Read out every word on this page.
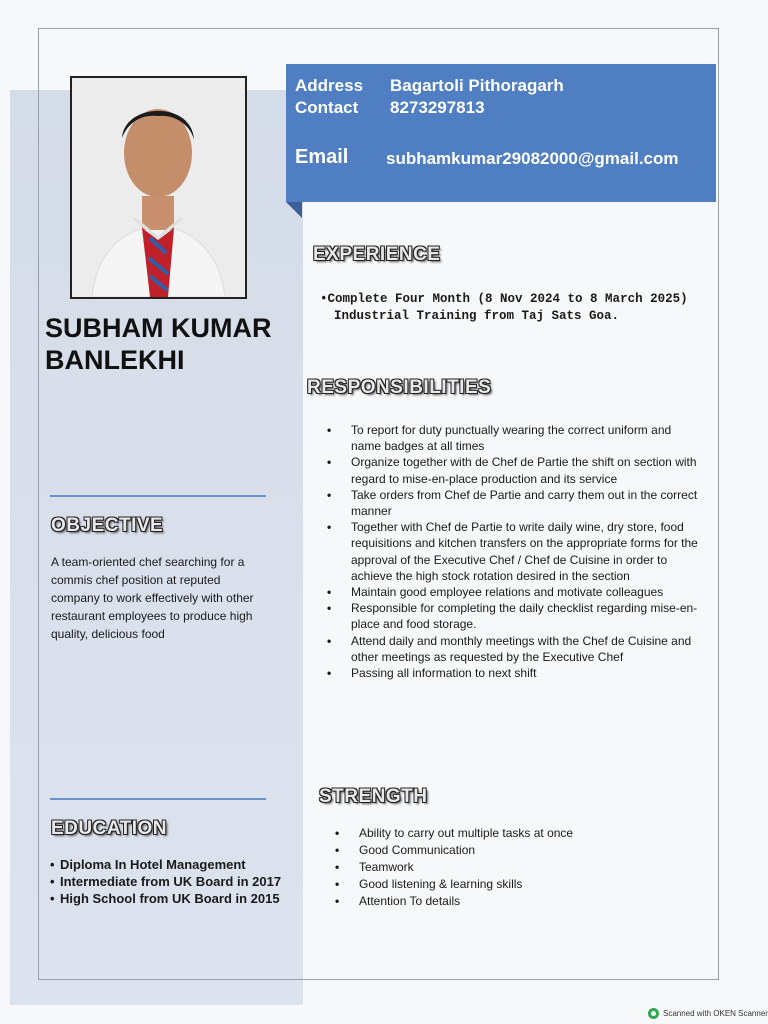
SUBHAM KUMAR
BANLEKHI
Address Bagartoli Pithoragarh
Contact 8273297813
Email subhamkumar29082000@gmail.com
EXPERIENCE
•Complete Four Month (8 Nov 2024 to 8 March 2025)
Industrial Training from Taj Sats Goa.
RESPONSIBILITIES
• To report for duty punctually wearing the correct uniform and name badges at all times
• Organize together with de Chef de Partie the shift on section with regard to mise-en-place production and its service
• Take orders from Chef de Partie and carry them out in the correct manner
• Together with Chef de Partie to write daily wine, dry store, food requisitions and kitchen transfers on the appropriate forms for the approval of the Executive Chef / Chef de Cuisine in order to achieve the high stock rotation desired in the section
• Maintain good employee relations and motivate colleagues
• Responsible for completing the daily checklist regarding mise-en-place and food storage.
• Attend daily and monthly meetings with the Chef de Cuisine and other meetings as requested by the Executive Chef
• Passing all information to next shift
OBJECTIVE
A team-oriented chef searching for a commis chef position at reputed company to work effectively with other restaurant employees to produce high quality, delicious food
EDUCATION
• Diploma In Hotel Management
• Intermediate from UK Board in 2017
• High School from UK Board in 2015
STRENGTH
• Ability to carry out multiple tasks at once
• Good Communication
• Teamwork
• Good listening & learning skills
• Attention To details
Scanned with OKEN Scanner
